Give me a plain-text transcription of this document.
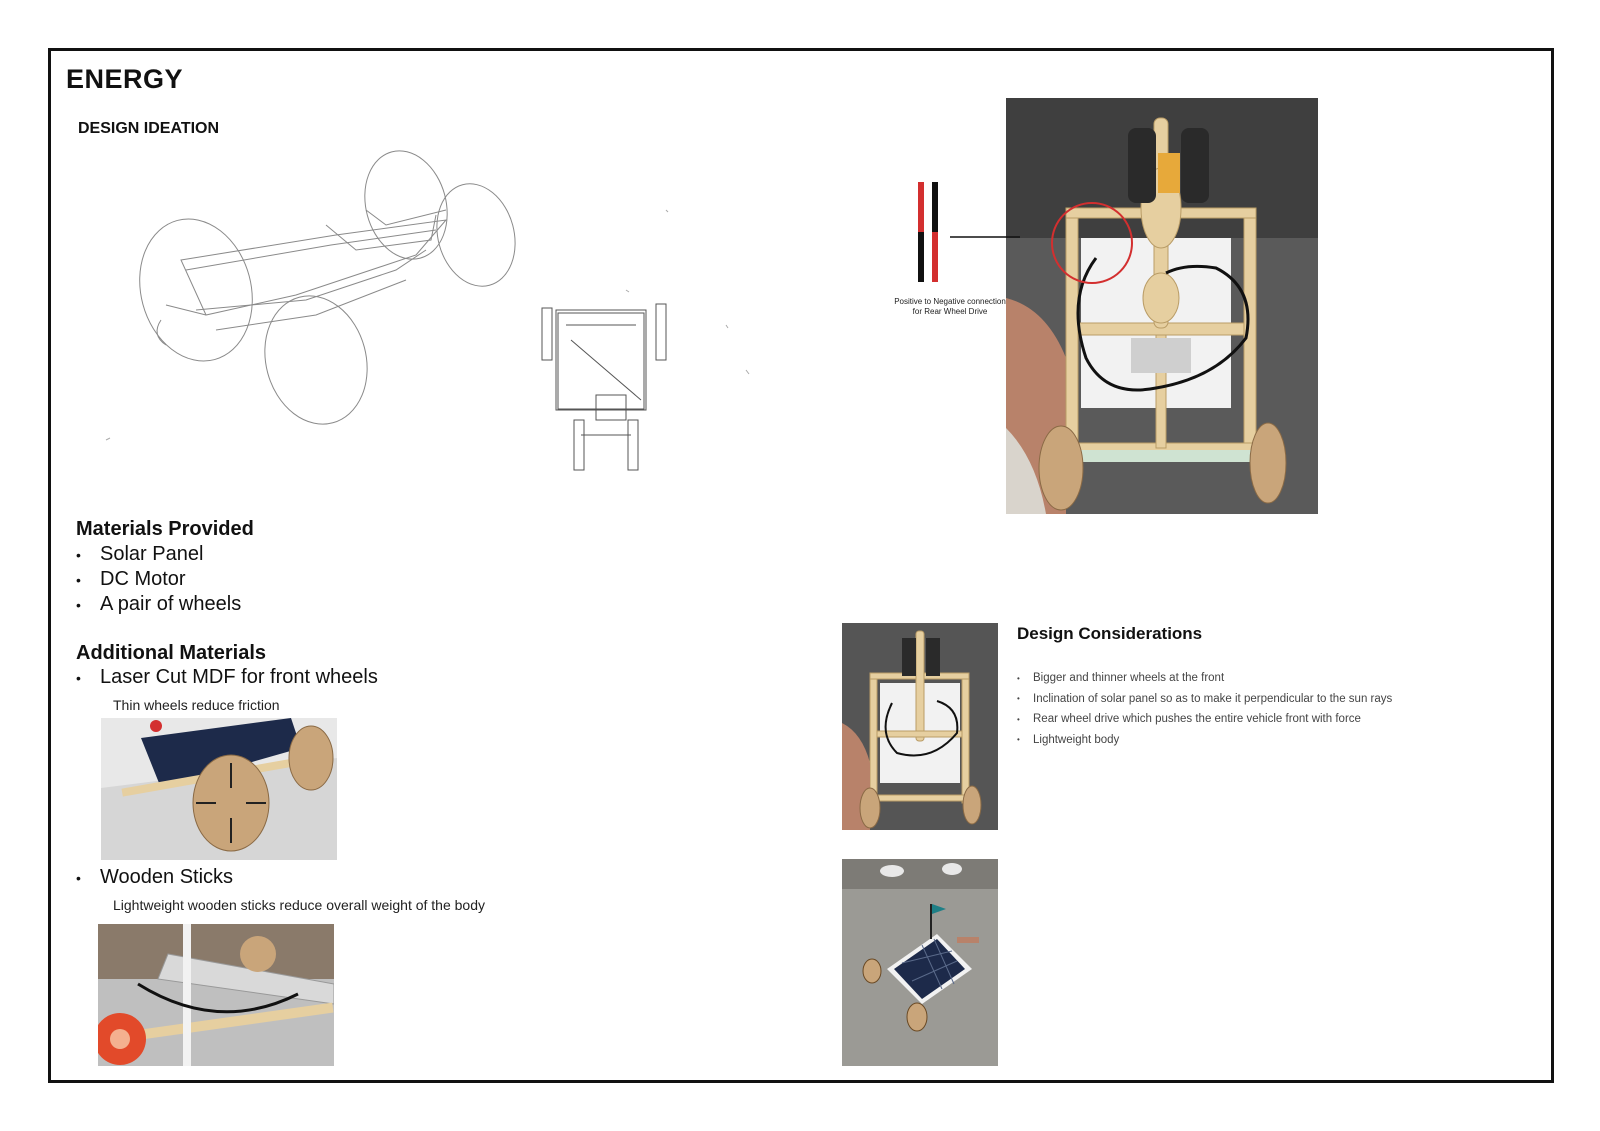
ENERGY
DESIGN IDEATION
Positive to Negative connection
for Rear Wheel Drive
Materials Provided
• Solar Panel
• DC Motor
• A pair of wheels
Additional Materials
• Laser Cut MDF for front wheels
Thin wheels reduce friction
• Wooden Sticks
Lightweight wooden sticks reduce overall weight of the body
Design Considerations
• Bigger and thinner wheels at the front
• Inclination of solar panel so as to make it perpendicular to the sun rays
• Rear wheel drive which pushes the entire vehicle front with force
• Lightweight body
